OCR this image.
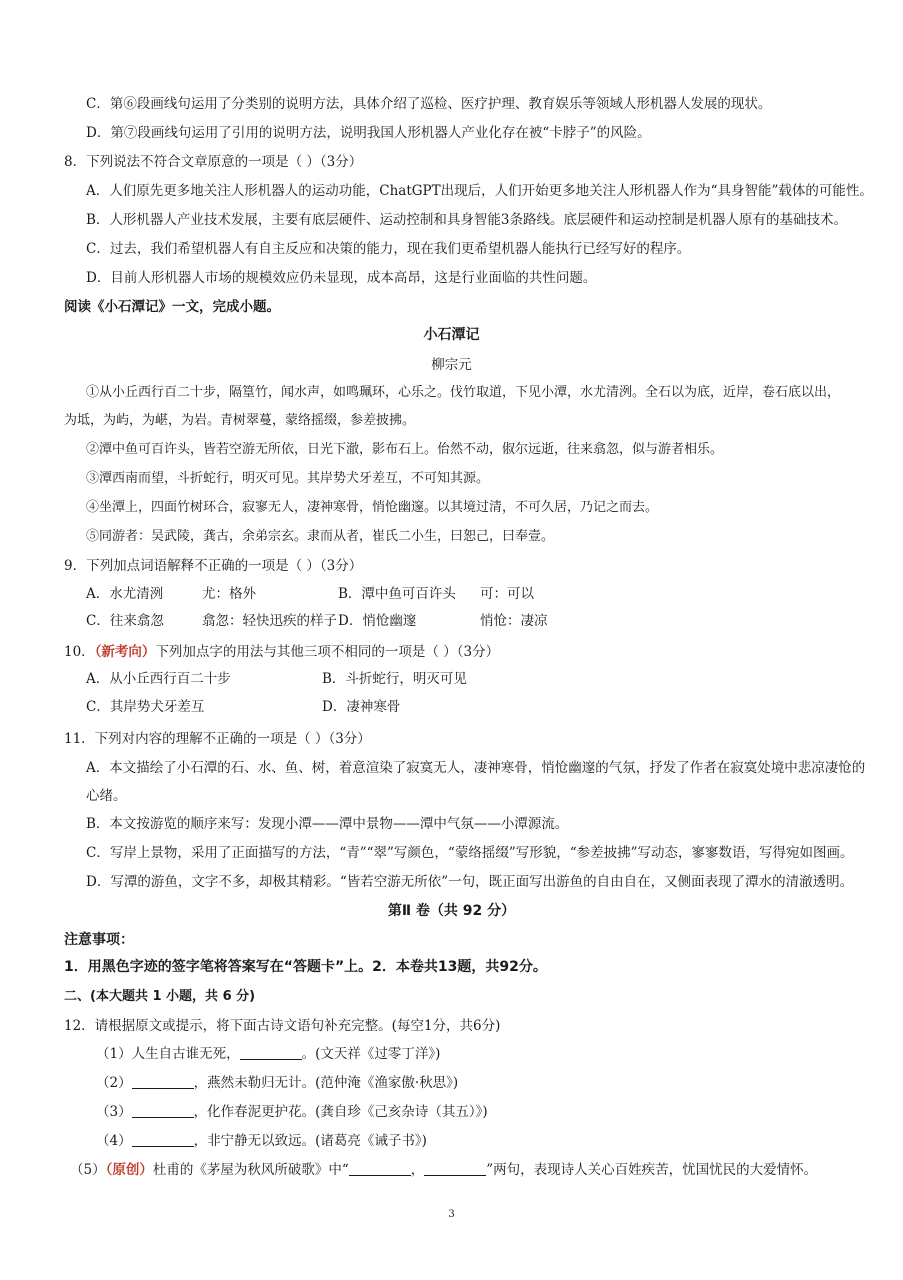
C．第⑥段画线句运用了分类别的说明方法，具体介绍了巡检、医疗护理、教育娱乐等领域人形机器人发展的现状。
D．第⑦段画线句运用了引用的说明方法，说明我国人形机器人产业化存在被“卡脖子”的风险。
8．下列说法不符合文章原意的一项是（ ）（3分）
A．人们原先更多地关注人形机器人的运动功能，ChatGPT出现后，人们开始更多地关注人形机器人作为“具身智能”载体的可能性。
B．人形机器人产业技术发展，主要有底层硬件、运动控制和具身智能3条路线。底层硬件和运动控制是机器人原有的基础技术。
C．过去，我们希望机器人有自主反应和决策的能力，现在我们更希望机器人能执行已经写好的程序。
D．目前人形机器人市场的规模效应仍未显现，成本高昂，这是行业面临的共性问题。
阅读《小石潭记》一文，完成小题。
小石潭记
柳宗元
①从小丘西行百二十步，隔篁竹，闻水声，如鸣珮环，心乐之。伐竹取道，下见小潭，水尤清洌。全石以为底，近岸，卷石底以出，
为坻，为屿，为嵁，为岩。青树翠蔓，蒙络摇缀，参差披拂。
②潭中鱼可百许头，皆若空游无所依，日光下澈，影布石上。佁然不动，俶尔远逝，往来翕忽，似与游者相乐。
③潭西南而望，斗折蛇行，明灭可见。其岸势犬牙差互，不可知其源。
④坐潭上，四面竹树环合，寂寥无人，凄神寒骨，悄怆幽邃。以其境过清，不可久居，乃记之而去。
⑤同游者：吴武陵，龚古，余弟宗玄。隶而从者，崔氏二小生，曰恕己，曰奉壹。
9．下列加点词语解释不正确的一项是（ ）（3分）
A．水尤清洌	尤：格外	B．潭中鱼可百许头 可：可以
C．往来翕忽	翕忽：轻快迅疾的样子 D．悄怆幽邃	悄怆：凄凉
10．（新考向）下列加点字的用法与其他三项不相同的一项是（ ）（3分）
A．从小丘西行百二十步	B．斗折蛇行，明灭可见
C．其岸势犬牙差互	D．凄神寒骨
11．下列对内容的理解不正确的一项是（ ）（3分）
A．本文描绘了小石潭的石、水、鱼、树，着意渲染了寂寞无人，凄神寒骨，悄怆幽邃的气氛，抒发了作者在寂寞处境中悲凉凄怆的
心绪。
B．本文按游览的顺序来写：发现小潭——潭中景物——潭中气氛——小潭源流。
C．写岸上景物，采用了正面描写的方法，“青”“翠”写颜色，“蒙络摇缀”写形貌，“参差披拂”写动态，寥寥数语，写得宛如图画。
D．写潭的游鱼，文字不多，却极其精彩。“皆若空游无所依”一句，既正面写出游鱼的自由自在，又侧面表现了潭水的清澈透明。
第Ⅱ 卷（共 92 分）
注意事项：
1．用黑色字迹的签字笔将答案写在“答题卡”上。2．本卷共13题，共92分。
二、(本大题共 1 小题，共 6 分)
12．请根据原文或提示，将下面古诗文语句补充完整。(每空1分，共6分)
（1）人生自古谁无死，	。(文天祥《过零丁洋》)
（2）	，燕然未勒归无计。(范仲淹《渔家傲·秋思》)
（3）	，化作春泥更护花。(龚自珍《己亥杂诗（其五）》)
（4）	，非宁静无以致远。(诸葛亮《诫子书》)
（5）（原创）杜甫的《茅屋为秋风所破歌》中“	，	”两句，表现诗人关心百姓疾苦，忧国忧民的大爱情怀。
3
